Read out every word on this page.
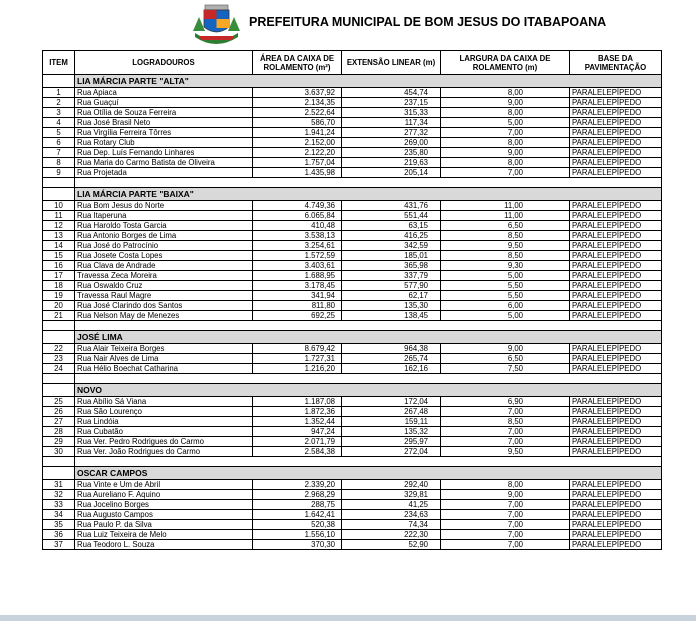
PREFEITURA MUNICIPAL DE BOM JESUS DO ITABAPOANA
ITEM	LOGRADOUROS	ÁREA DA CAIXA DE ROLAMENTO (m²)	EXTENSÃO LINEAR (m)	LARGURA DA CAIXA DE ROLAMENTO (m)	BASE DA PAVIMENTAÇÃO
	LIA MÁRCIA PARTE "ALTA"				
1	Rua Apiaca	3.637,92	454,74	8,00	PARALELEPÍPEDO
2	Rua Guaçuí	2.134,35	237,15	9,00	PARALELEPÍPEDO
3	Rua Otília de Souza Ferreira	2.522,64	315,33	8,00	PARALELEPÍPEDO
4	Rua José Brasil Neto	586,70	117,34	5,00	PARALELEPÍPEDO
5	Rua Virgília Ferreira Tôrres	1.941,24	277,32	7,00	PARALELEPÍPEDO
6	Rua Rotary Club	2.152,00	269,00	8,00	PARALELEPÍPEDO
7	Rua Dep. Luís Fernando Linhares	2.122,20	235,80	9,00	PARALELEPÍPEDO
8	Rua Maria do Carmo Batista de Oliveira	1.757,04	219,63	8,00	PARALELEPÍPEDO
9	Rua Projetada	1.435,98	205,14	7,00	PARALELEPÍPEDO

	LIA MÁRCIA PARTE "BAIXA"				
10	Rua Bom Jesus do Norte	4.749,36	431,76	11,00	PARALELEPÍPEDO
11	Rua Itaperuna	6.065,84	551,44	11,00	PARALELEPÍPEDO
12	Rua Haroldo Tosta Garcia	410,48	63,15	6,50	PARALELEPÍPEDO
13	Rua Antonio Borges de Lima	3.538,13	416,25	8,50	PARALELEPÍPEDO
14	Rua José do Patrocínio	3.254,61	342,59	9,50	PARALELEPÍPEDO
15	Rua Josete Costa Lopes	1.572,59	185,01	8,50	PARALELEPÍPEDO
16	Rua Clava de Andrade	3.403,61	365,98	9,30	PARALELEPÍPEDO
17	Travessa Zeca Moreira	1.688,95	337,79	5,00	PARALELEPÍPEDO
18	Rua Oswaldo Cruz	3.178,45	577,90	5,50	PARALELEPÍPEDO
19	Travessa Raul Magre	341,94	62,17	5,50	PARALELEPÍPEDO
20	Rua José Clarindo dos Santos	811,80	135,30	6,00	PARALELEPÍPEDO
21	Rua Nelson May de Menezes	692,25	138,45	5,00	PARALELEPÍPEDO

	JOSÉ LIMA				
22	Rua Alair Teixeira Borges	8.679,42	964,38	9,00	PARALELEPÍPEDO
23	Rua Nair Alves de Lima	1.727,31	265,74	6,50	PARALELEPÍPEDO
24	Rua Hélio Boechat Catharina	1.216,20	162,16	7,50	PARALELEPÍPEDO

	NOVO				
25	Rua Abílio Sá Viana	1.187,08	172,04	6,90	PARALELEPÍPEDO
26	Rua São Lourenço	1.872,36	267,48	7,00	PARALELEPÍPEDO
27	Rua Lindóia	1.352,44	159,11	8,50	PARALELEPÍPEDO
28	Rua Cubatão	947,24	135,32	7,00	PARALELEPÍPEDO
29	Rua Ver. Pedro Rodrigues do Carmo	2.071,79	295,97	7,00	PARALELEPÍPEDO
30	Rua Ver. João Rodrigues do Carmo	2.584,38	272,04	9,50	PARALELEPÍPEDO

	OSCAR CAMPOS				
31	Rua Vinte e Um de Abril	2.339,20	292,40	8,00	PARALELEPÍPEDO
32	Rua Aureliano F. Aquino	2.968,29	329,81	9,00	PARALELEPÍPEDO
33	Rua Jocelino Borges	288,75	41,25	7,00	PARALELEPÍPEDO
34	Rua Augusto Campos	1.642,41	234,63	7,00	PARALELEPÍPEDO
35	Rua Paulo P. da Silva	520,38	74,34	7,00	PARALELEPÍPEDO
36	Rua Luiz Teixeira de Melo	1.556,10	222,30	7,00	PARALELEPÍPEDO
37	Rua Teodoro L. Souza	370,30	52,90	7,00	PARALELEPÍPEDO
